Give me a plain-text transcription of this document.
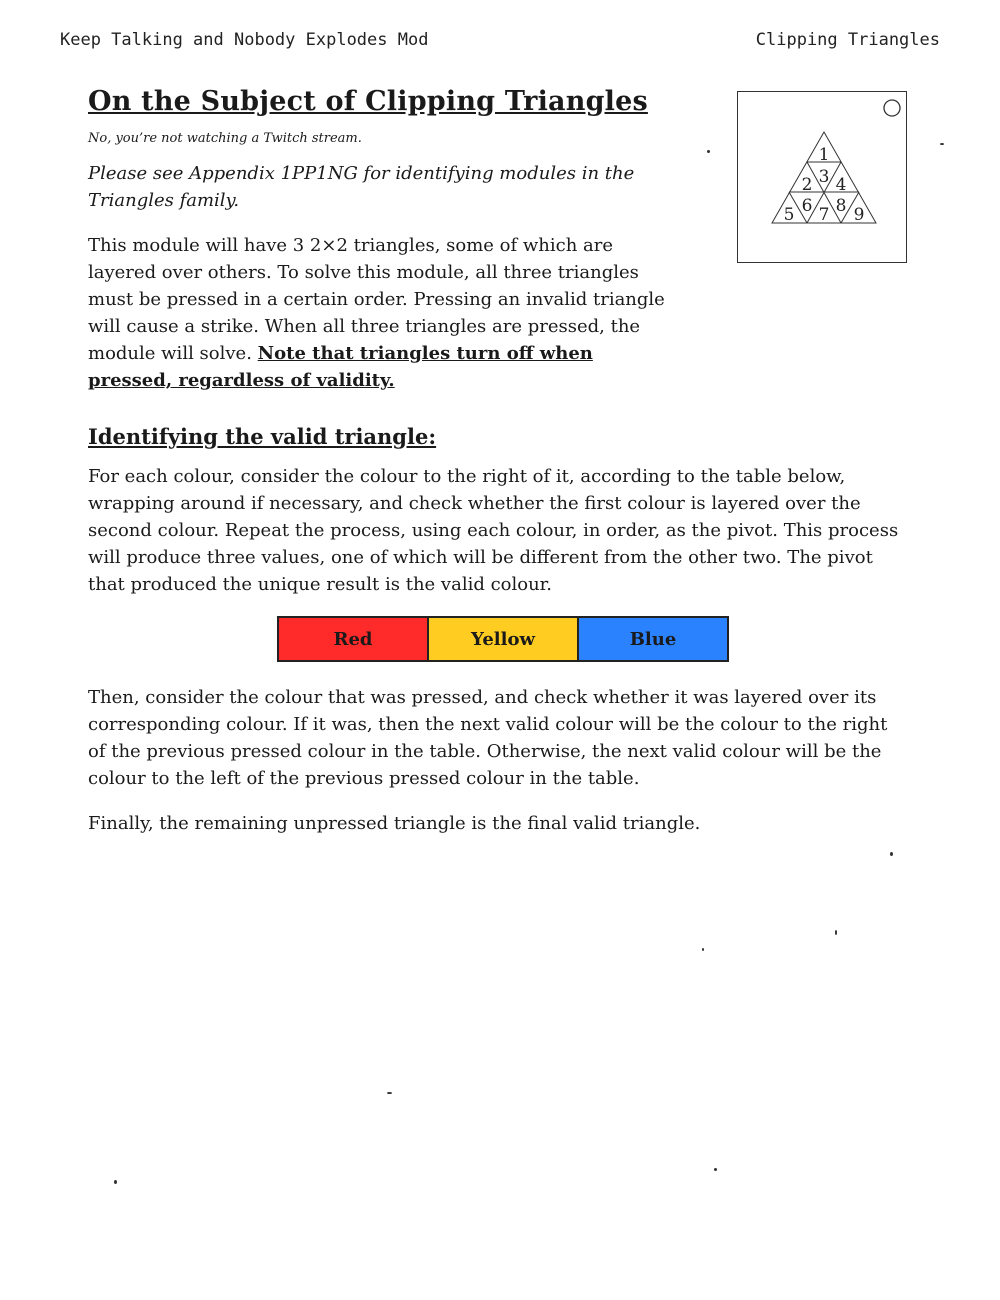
Keep Talking and Nobody Explodes Mod	Clipping Triangles
1
2 3 4
5 6 7 8 9
On the Subject of Clipping Triangles
No, you’re not watching a Twitch stream.
Please see Appendix 1PP1NG for identifying modules in the Triangles family.

This module will have 3 2×2 triangles, some of which are layered over others. To solve this module, all three triangles must be pressed in a certain order. Pressing an invalid triangle will cause a strike. When all three triangles are pressed, the module will solve. Note that triangles turn off when pressed, regardless of validity.

Identifying the valid triangle:

For each colour, consider the colour to the right of it, according to the table below, wrapping around if necessary, and check whether the first colour is layered over the second colour. Repeat the process, using each colour, in order, as the pivot. This process will produce three values, one of which will be different from the other two. The pivot that produced the unique result is the valid colour.

Red	Yellow	Blue

Then, consider the colour that was pressed, and check whether it was layered over its corresponding colour. If it was, then the next valid colour will be the colour to the right of the previous pressed colour in the table. Otherwise, the next valid colour will be the colour to the left of the previous pressed colour in the table.

Finally, the remaining unpressed triangle is the final valid triangle.
